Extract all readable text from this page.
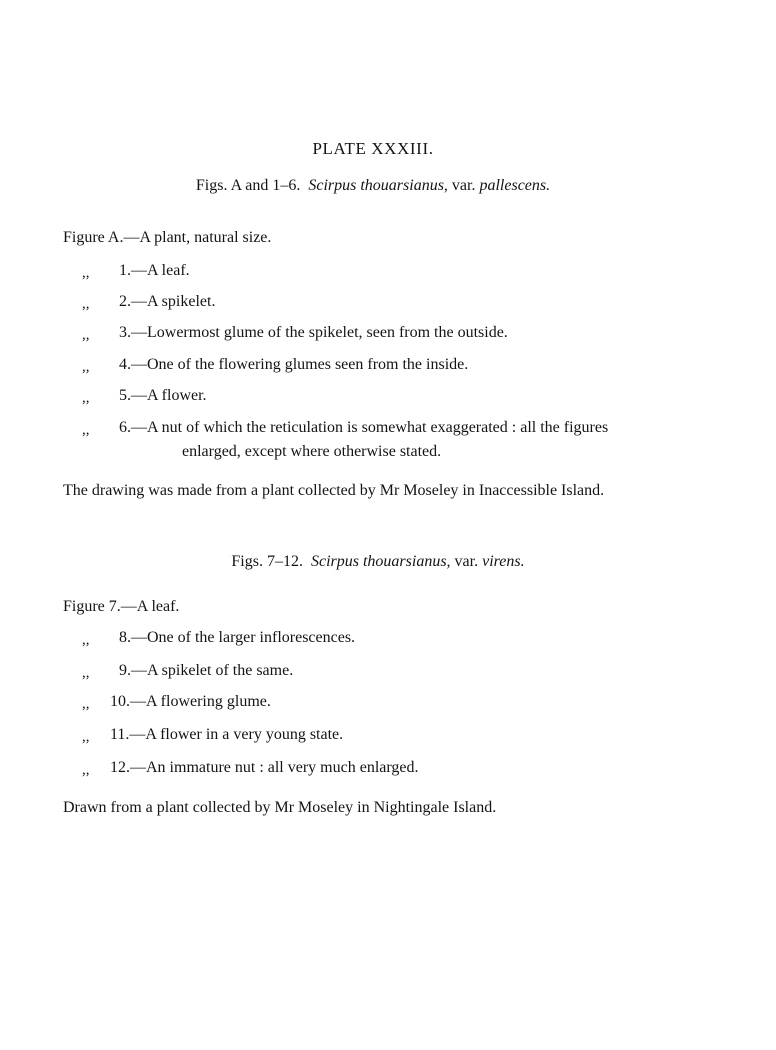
PLATE XXXIII.
Figs. A and 1–6. Scirpus thouarsianus, var. pallescens.

Figure A.—A plant, natural size.

,, 1.—A leaf.
,, 2.—A spikelet.
,, 3.—Lowermost glume of the spikelet, seen from the outside.
,, 4.—One of the flowering glumes seen from the inside.
,, 5.—A flower.
,, 6.—A nut of which the reticulation is somewhat exaggerated : all the figures
enlarged, except where otherwise stated.

The drawing was made from a plant collected by Mr Moseley in Inaccessible Island.

Figs. 7–12. Scirpus thouarsianus, var. virens.

Figure 7.—A leaf.

,, 8.—One of the larger inflorescences.
,, 9.—A spikelet of the same.
,, 10.—A flowering glume.
,, 11.—A flower in a very young state.
,, 12.—An immature nut : all very much enlarged.

Drawn from a plant collected by Mr Moseley in Nightingale Island.
